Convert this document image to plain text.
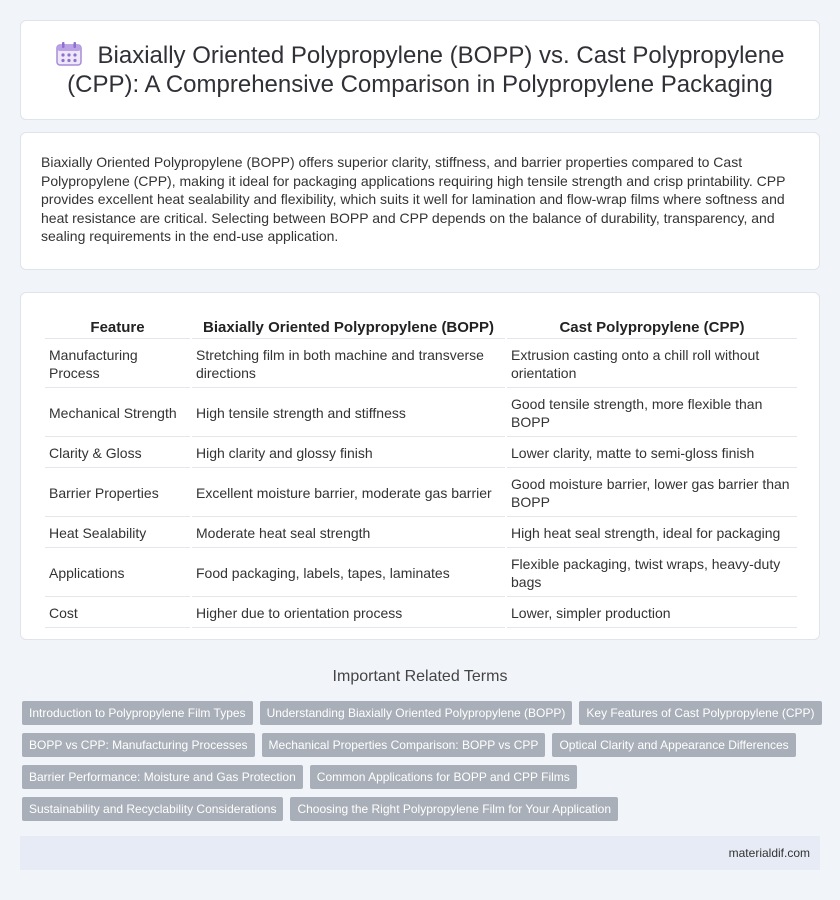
Biaxially Oriented Polypropylene (BOPP) vs. Cast Polypropylene (CPP): A Comprehensive Comparison in Polypropylene Packaging

Biaxially Oriented Polypropylene (BOPP) offers superior clarity, stiffness, and barrier properties compared to Cast Polypropylene (CPP), making it ideal for packaging applications requiring high tensile strength and crisp printability. CPP provides excellent heat sealability and flexibility, which suits it well for lamination and flow-wrap films where softness and heat resistance are critical. Selecting between BOPP and CPP depends on the balance of durability, transparency, and sealing requirements in the end-use application.

Feature	Biaxially Oriented Polypropylene (BOPP)	Cast Polypropylene (CPP)
Manufacturing Process	Stretching film in both machine and transverse directions	Extrusion casting onto a chill roll without orientation
Mechanical Strength	High tensile strength and stiffness	Good tensile strength, more flexible than BOPP
Clarity & Gloss	High clarity and glossy finish	Lower clarity, matte to semi-gloss finish
Barrier Properties	Excellent moisture barrier, moderate gas barrier	Good moisture barrier, lower gas barrier than BOPP
Heat Sealability	Moderate heat seal strength	High heat seal strength, ideal for packaging
Applications	Food packaging, labels, tapes, laminates	Flexible packaging, twist wraps, heavy-duty bags
Cost	Higher due to orientation process	Lower, simpler production
Important Related Terms
Introduction to Polypropylene Film Types	Understanding Biaxially Oriented Polypropylene (BOPP)	Key Features of Cast Polypropylene (CPP)
BOPP vs CPP: Manufacturing Processes	Mechanical Properties Comparison: BOPP vs CPP	Optical Clarity and Appearance Differences
Barrier Performance: Moisture and Gas Protection	Common Applications for BOPP and CPP Films
Sustainability and Recyclability Considerations	Choosing the Right Polypropylene Film for Your Application
materialdif.com
